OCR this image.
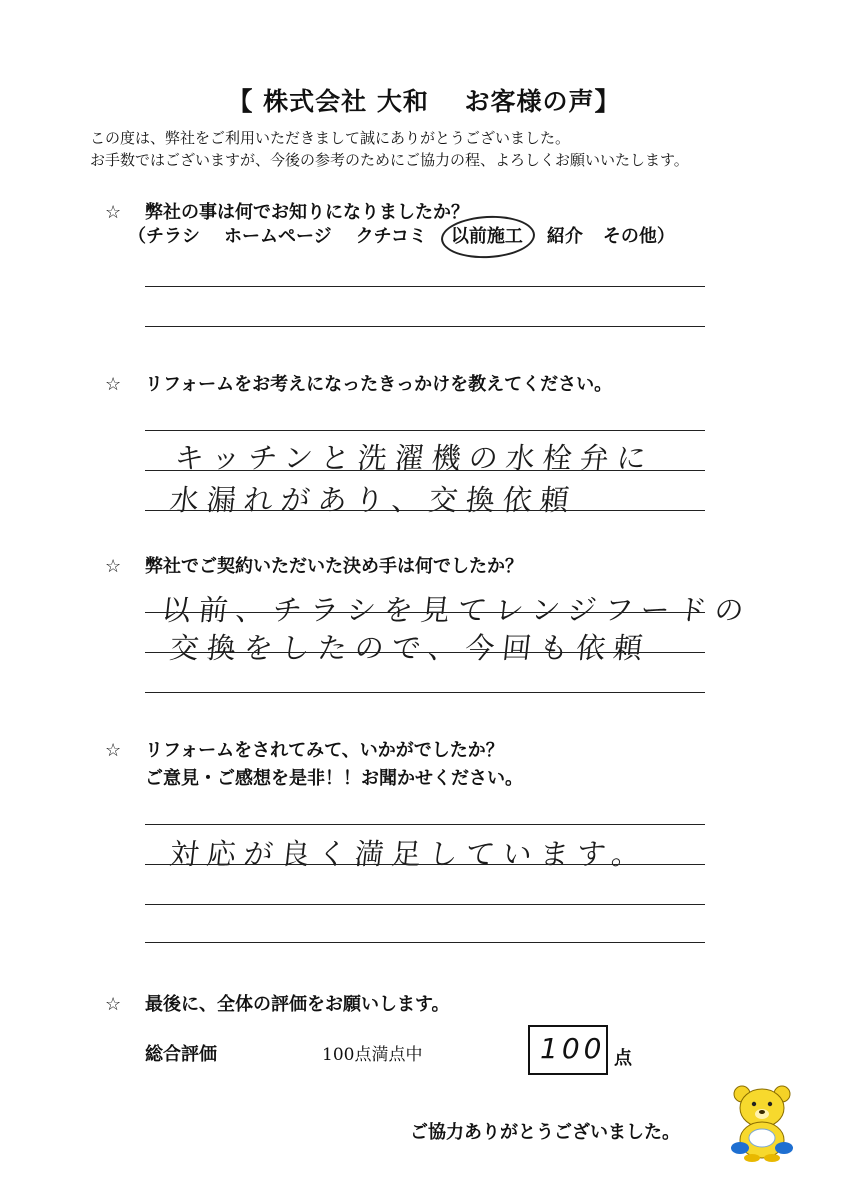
【 株式会社 大和　 お客様の声】
この度は、弊社をご利用いただきまして誠にありがとうございました。
お手数ではございますが、今後の参考のためにご協力の程、よろしくお願いいたします。
☆ 弊社の事は何でお知りになりましたか？
（チラシ ホームページ クチコミ 以前施工 紹介 その他）
☆ リフォームをお考えになったきっかけを教えてください。
キッチンと洗濯機の水栓弁に
水漏れがあり、交換依頼
☆ 弊社でご契約いただいた決め手は何でしたか？
以前、チラシを見てレンジフードの
交換をしたので、今回も依頼
☆ リフォームをされてみて、いかがでしたか？
ご意見・ご感想を是非！！お聞かせください。
対応が良く満足しています。
☆ 最後に、全体の評価をお願いします。
総合評価	100点満点中	100 点
ご協力ありがとうございました。
